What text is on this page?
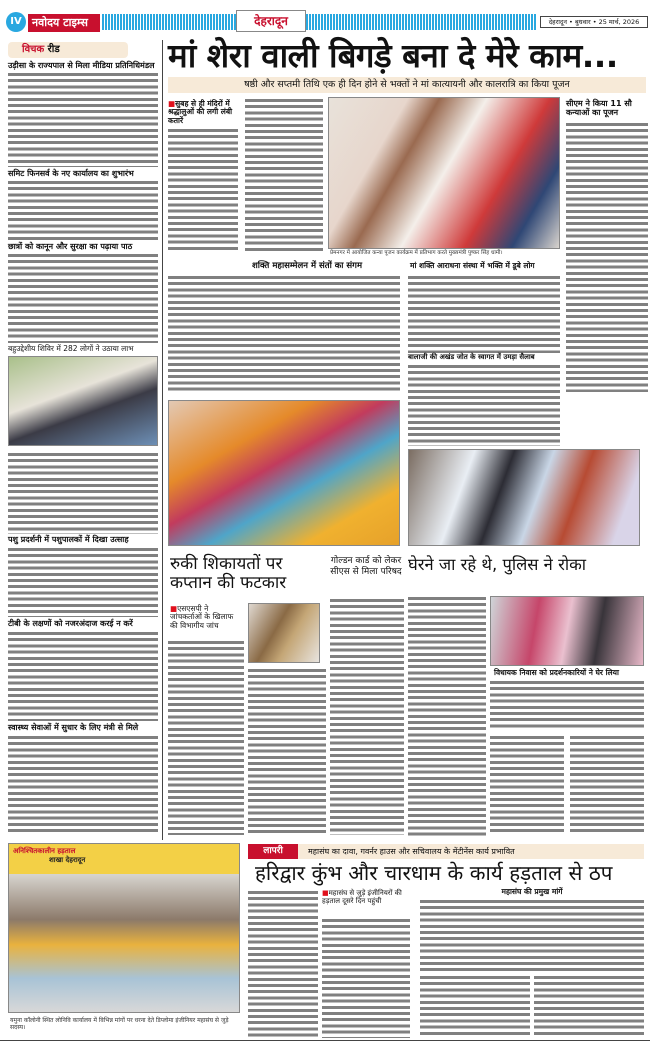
IV नवोदय टाइम्स	देहरादून	देहरादून • बुधवार • 25 मार्च, 2026
विचक रीड
उड़ीसा के राज्यपाल से मिला मीडिया प्रतिनिधिमंडल
समिट फिनसर्व के नए कार्यालय का शुभारंभ
छात्रों को कानून और सुरक्षा का पढ़ाया पाठ
बहुउद्देशीय शिविर में 282 लोगों ने उठाया लाभ
पशु प्रदर्शनी में पशुपालकों में दिखा उत्साह
टीबी के लक्षणों को नजरअंदाज करई न करें
स्वास्थ्य सेवाओं में सुधार के लिए मंत्री से मिले
अनिश्चितकालीन हड़ताल
शाखा देहरादून
यमुना कॉलोनी स्थित लोनिवि कार्यालय में विभिन्न मांगों पर धरना देते डिप्लोमा इंजीनियर महासंघ से जुड़े सदस्य।
मां शेरा वाली बिगड़े बना दे मेरे काम...
षष्ठी और सप्तमी तिथि एक ही दिन होने से भक्तों ने मां कात्यायनी और कालरात्रि का किया पूजन
■सुबह से ही मंदिरों में श्रद्धालुओं की लगी लंबी कतारें
प्रेमनगर में आयोजित कन्या पूजन कार्यक्रम में प्रतिभाग करते मुख्यमंत्री पुष्कर सिंह धामी।
सीएम ने किया 11 सौ कन्याओं का पूजन
शक्ति महासम्मेलन में संतों का संगम	मां शक्ति आराधना संस्था में भक्ति में डूबे लोग
बालाजी की अखंड जोत के स्वागत में उमड़ा सैलाब
रुकी शिकायतों पर कप्तान की फटकार
गोल्डन कार्ड को लेकर सीएस से मिला परिषद घेरने जा रहे थे, पुलिस ने रोका
■एसएसपी ने जांचकर्ताओं के खिलाफ की विभागीय जांच
विधायक निवास को प्रदर्शनकारियों ने घेर लिया
लापरी	महासंघ का दावा, गवर्नर हाउस और सचिवालय के मेंटीनेंस कार्य प्रभावित
हरिद्वार कुंभ और चारधाम के कार्य हड़ताल से ठप
■महासंघ से जुड़े इंजीनियरों की हड़ताल दूसरे दिन पहुंची
महासंघ की प्रमुख मांगें
